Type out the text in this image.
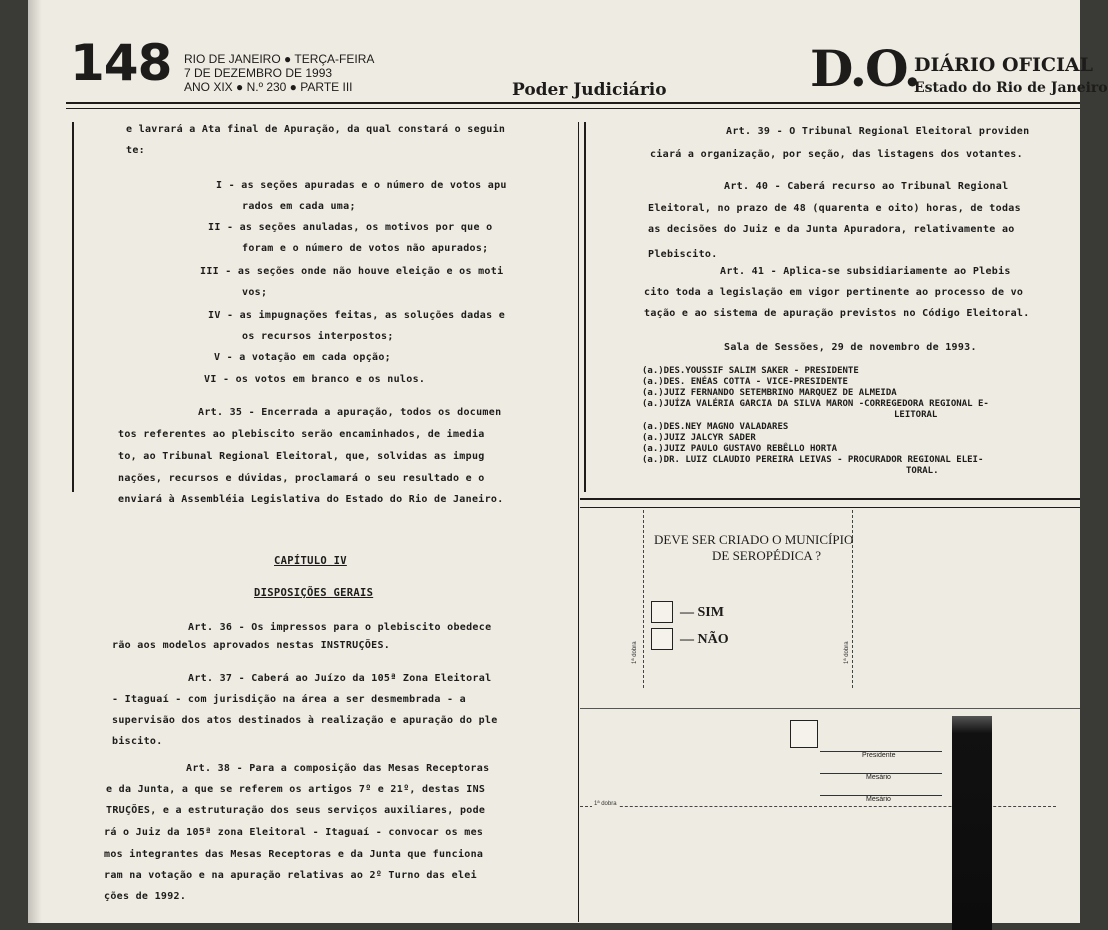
148 RIO DE JANEIRO ● TERÇA-FEIRA
7 DE DEZEMBRO DE 1993
ANO XIX ● N.º 230 ● PARTE III	Poder Judiciário	D.O.
DIÁRIO OFICIAL
Estado do Rio de Janeiro
e lavrará a Ata final de Apuração, da qual constará o seguin
te:
I - as seções apuradas e o número de votos apu
rados em cada uma;
II - as seções anuladas, os motivos por que o
foram e o número de votos não apurados;
III - as seções onde não houve eleição e os moti
vos;
IV - as impugnações feitas, as soluções dadas e
os recursos interpostos;
V - a votação em cada opção;
VI - os votos em branco e os nulos.
Art. 35 - Encerrada a apuração, todos os documen
tos referentes ao plebiscito serão encaminhados, de imedia
to, ao Tribunal Regional Eleitoral, que, solvidas as impug
nações, recursos e dúvidas, proclamará o seu resultado e o
enviará à Assembléia Legislativa do Estado do Rio de Janeiro.
CAPÍTULO IV
DISPOSIÇÕES GERAIS
Art. 36 - Os impressos para o plebiscito obedece
rão aos modelos aprovados nestas INSTRUÇÕES.
Art. 37 - Caberá ao Juízo da 105ª Zona Eleitoral
- Itaguaí - com jurisdição na área a ser desmembrada - a
supervisão dos atos destinados à realização e apuração do ple
biscito.
Art. 38 - Para a composição das Mesas Receptoras
e da Junta, a que se referem os artigos 7º e 21º, destas INS
TRUÇÕES, e a estruturação dos seus serviços auxiliares, pode
rá o Juiz da 105ª zona Eleitoral - Itaguaí - convocar os mes
mos integrantes das Mesas Receptoras e da Junta que funciona
ram na votação e na apuração relativas ao 2º Turno das elei
ções de 1992.
Art. 39 - O Tribunal Regional Eleitoral providen
ciará a organização, por seção, das listagens dos votantes.
Art. 40 - Caberá recurso ao Tribunal Regional
Eleitoral, no prazo de 48 (quarenta e oito) horas, de todas
as decisões do Juiz e da Junta Apuradora, relativamente ao
Plebiscito.
Art. 41 - Aplica-se subsidiariamente ao Plebis
cito toda a legislação em vigor pertinente ao processo de vo
tação e ao sistema de apuração previstos no Código Eleitoral.
Sala de Sessões, 29 de novembro de 1993.
(a.)DES.YOUSSIF SALIM SAKER - PRESIDENTE
(a.)DES. ENÉAS COTTA - VICE-PRESIDENTE
(a.)JUIZ FERNANDO SETEMBRINO MARQUEZ DE ALMEIDA
(a.)JUÍZA VALÉRIA GARCIA DA SILVA MARON -CORREGEDORA REGIONAL E-
LEITORAL
(a.)DES.NEY MAGNO VALADARES
(a.)JUIZ JALCYR SADER
(a.)JUIZ PAULO GUSTAVO REBÊLLO HORTA
(a.)DR. LUIZ CLAUDIO PEREIRA LEIVAS - PROCURADOR REGIONAL ELEI-
TORAL.
DEVE SER CRIADO O MUNICÍPIO
DE SEROPÉDICA ?
— SIM
— NÃO
1ª dobra	1ª dobra
Presidente
Mesário
Mesário
1ª dobra
